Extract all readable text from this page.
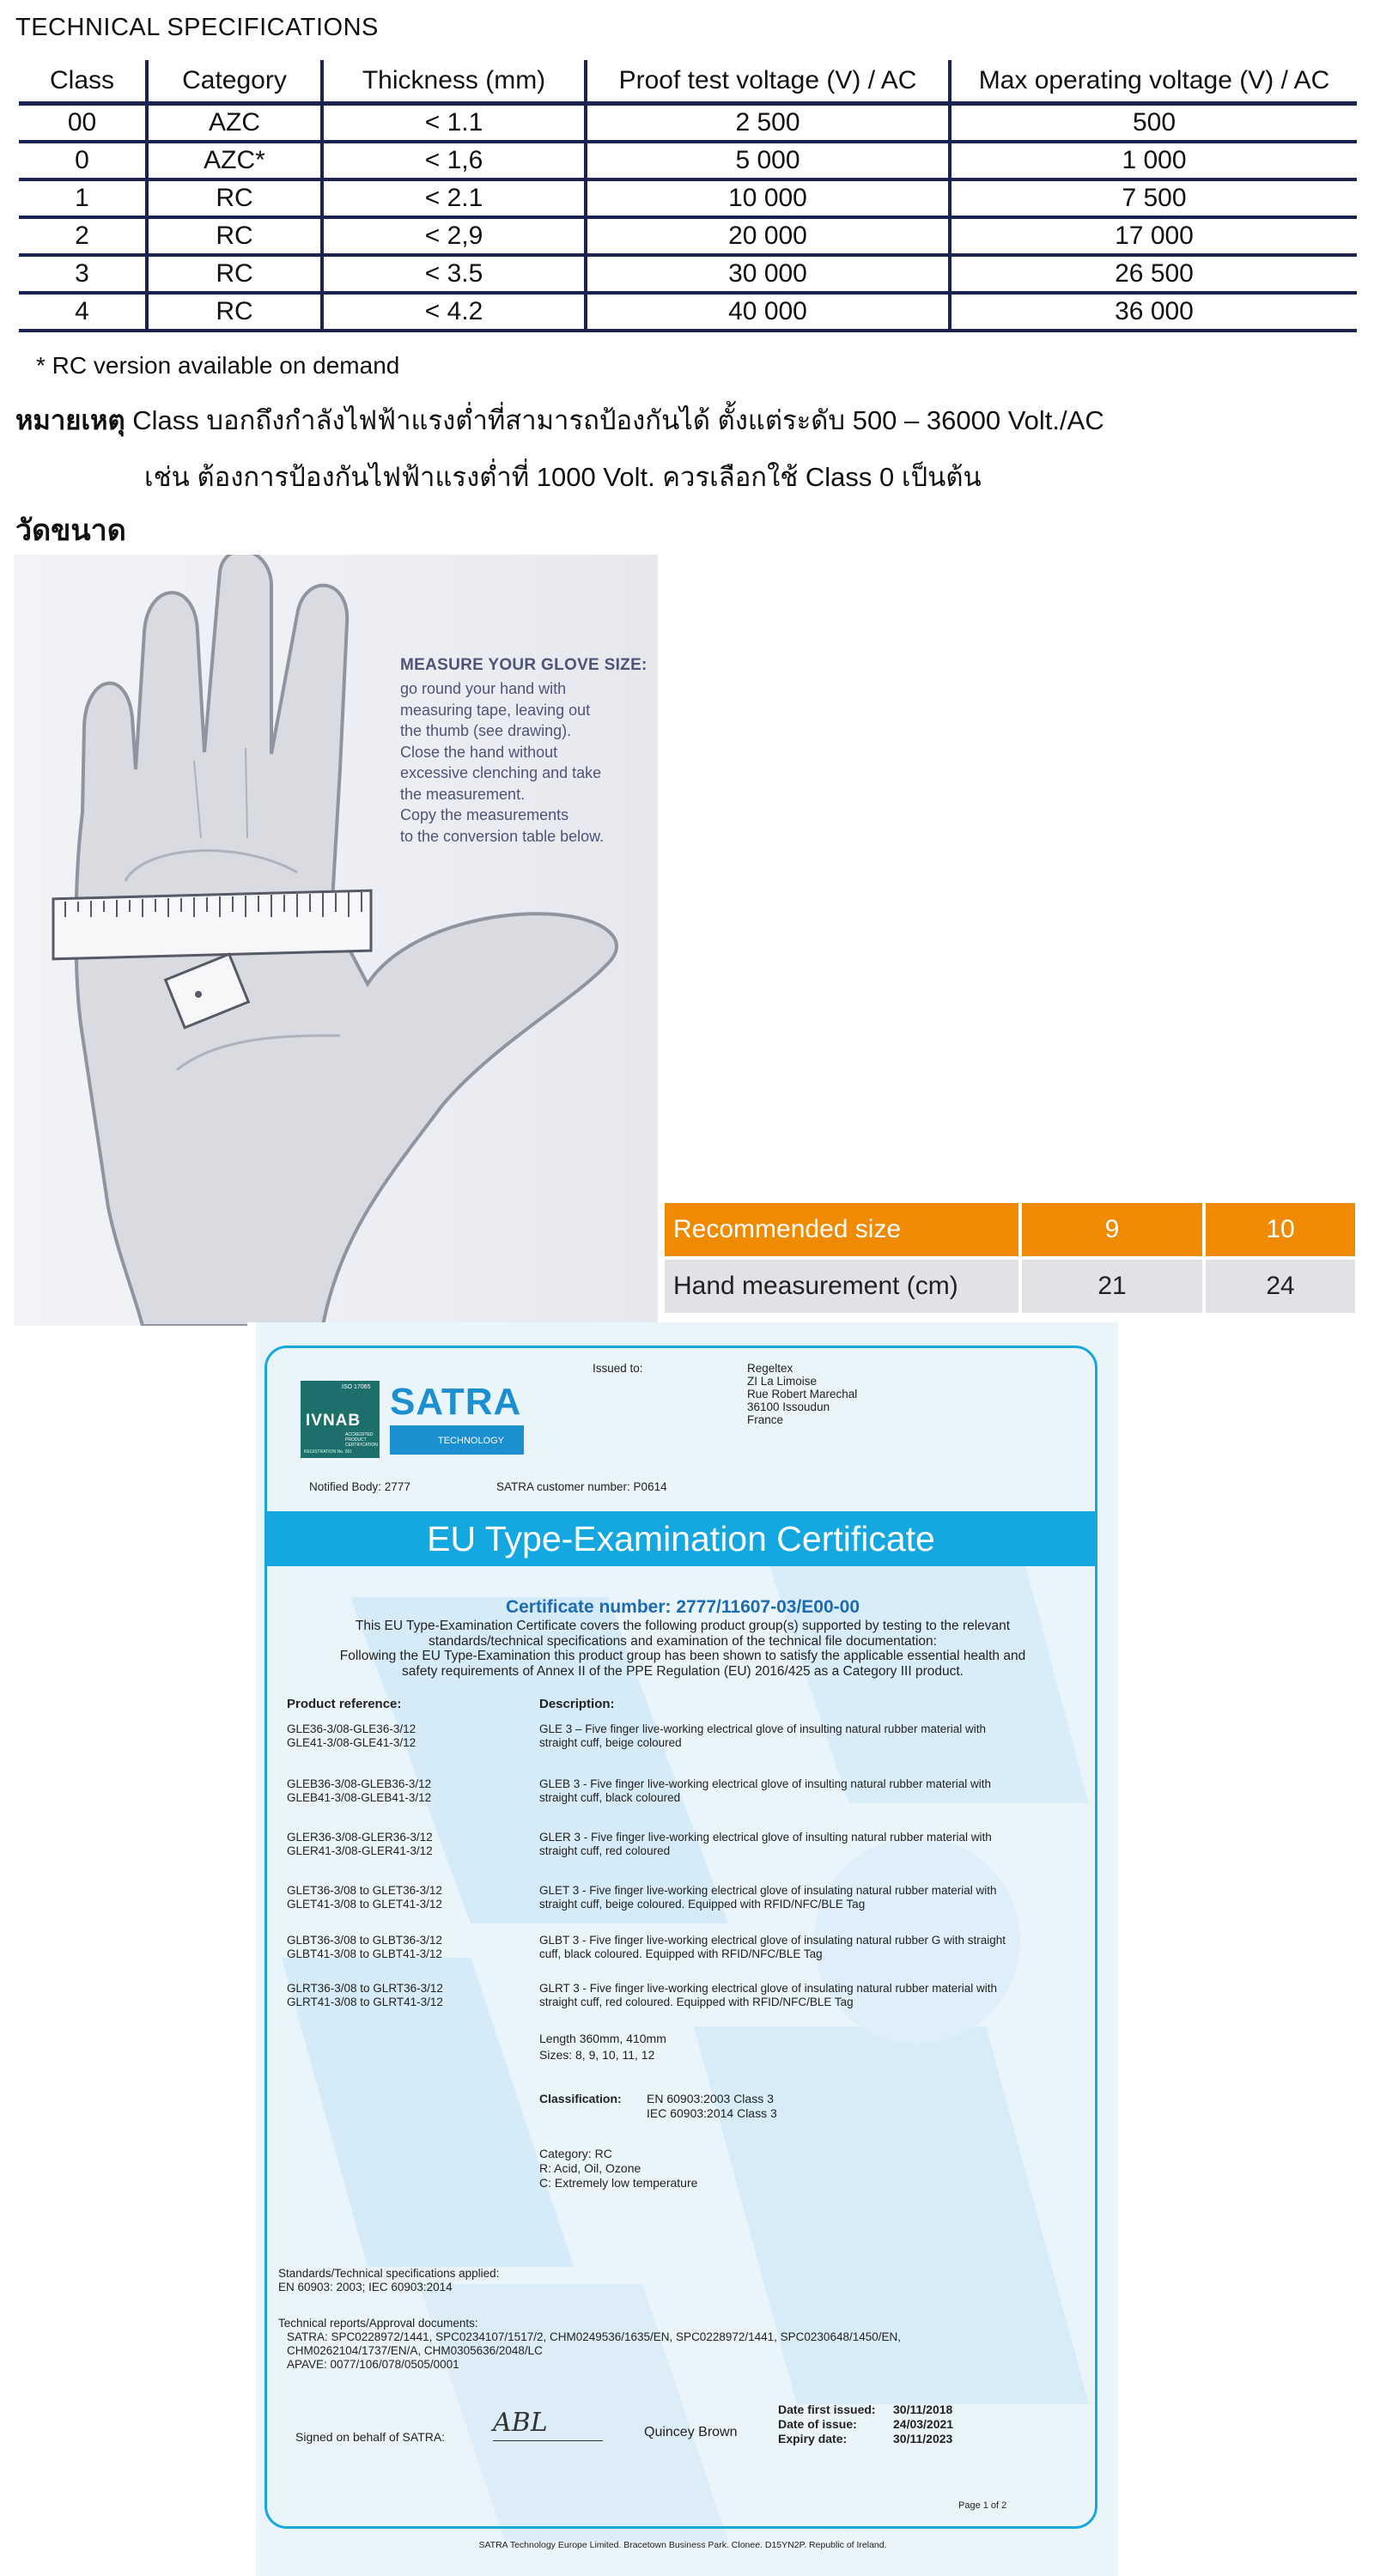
TECHNICAL SPECIFICATIONS
Class	Category	Thickness (mm)	Proof test voltage (V) / AC	Max operating voltage (V) / AC
00	AZC	< 1.1	2 500	500
0	AZC*	< 1,6	5 000	1 000
1	RC	< 2.1	10 000	7 500
2	RC	< 2,9	20 000	17 000
3	RC	< 3.5	30 000	26 500
4	RC	< 4.2	40 000	36 000
* RC version available on demand
หมายเหตุ Class บอกถึงกำลังไฟฟ้าแรงต่ำที่สามารถป้องกันได้ ตั้งแต่ระดับ 500 – 36000 Volt./AC
เช่น ต้องการป้องกันไฟฟ้าแรงต่ำที่ 1000 Volt. ควรเลือกใช้ Class 0 เป็นต้น
วัดขนาด
MEASURE YOUR GLOVE SIZE:
go round your hand with
measuring tape, leaving out
the thumb (see drawing).
Close the hand without
excessive clenching and take
the measurement.
Copy the measurements
to the conversion table below.
Recommended size	9	10
Hand measurement (cm)	21	24
ISO 17065
IVNAB
ACCREDITED PRODUCT CERTIFICATION
REGISTRATION No. 061
SATRA
TECHNOLOGY
Issued to:	Regeltex
ZI La Limoise
Rue Robert Marechal
36100 Issoudun
France
Notified Body: 2777	SATRA customer number: P0614
EU Type-Examination Certificate
Certificate number: 2777/11607-03/E00-00
This EU Type-Examination Certificate covers the following product group(s) supported by testing to the relevant
standards/technical specifications and examination of the technical file documentation:
Following the EU Type-Examination this product group has been shown to satisfy the applicable essential health and
safety requirements of Annex II of the PPE Regulation (EU) 2016/425 as a Category III product.
Product reference:	Description:
GLE36-3/08-GLE36-3/12
GLE41-3/08-GLE41-3/12
GLE 3 – Five finger live-working electrical glove of insulting natural rubber material with
straight cuff, beige coloured
GLEB36-3/08-GLEB36-3/12
GLEB41-3/08-GLEB41-3/12
GLEB 3 - Five finger live-working electrical glove of insulting natural rubber material with
straight cuff, black coloured
GLER36-3/08-GLER36-3/12
GLER41-3/08-GLER41-3/12
GLER 3 - Five finger live-working electrical glove of insulting natural rubber material with
straight cuff, red coloured
GLET36-3/08 to GLET36-3/12
GLET41-3/08 to GLET41-3/12
GLET 3 - Five finger live-working electrical glove of insulating natural rubber material with
straight cuff, beige coloured. Equipped with RFID/NFC/BLE Tag
GLBT36-3/08 to GLBT36-3/12
GLBT41-3/08 to GLBT41-3/12
GLBT 3 - Five finger live-working electrical glove of insulating natural rubber G with straight
cuff, black coloured. Equipped with RFID/NFC/BLE Tag
GLRT36-3/08 to GLRT36-3/12
GLRT41-3/08 to GLRT41-3/12
GLRT 3 - Five finger live-working electrical glove of insulating natural rubber material with
straight cuff, red coloured. Equipped with RFID/NFC/BLE Tag
Length 360mm, 410mm
Sizes: 8, 9, 10, 11, 12
Classification: EN 60903:2003 Class 3
IEC 60903:2014 Class 3
Category: RC
R: Acid, Oil, Ozone
C: Extremely low temperature
Standards/Technical specifications applied:
EN 60903: 2003; IEC 60903:2014
Technical reports/Approval documents:
SATRA: SPC0228972/1441, SPC0234107/1517/2, CHM0249536/1635/EN, SPC0228972/1441, SPC0230648/1450/EN,
CHM0262104/1737/EN/A, CHM0305636/2048/LC
APAVE: 0077/106/078/0505/0001
Signed on behalf of SATRA: ABL	Quincey Brown
Date first issued: 30/11/2018
Date of issue:	24/03/2021
Expiry date:	30/11/2023
Page 1 of 2
SATRA Technology Europe Limited. Bracetown Business Park. Clonee. D15YN2P. Republic of Ireland.
